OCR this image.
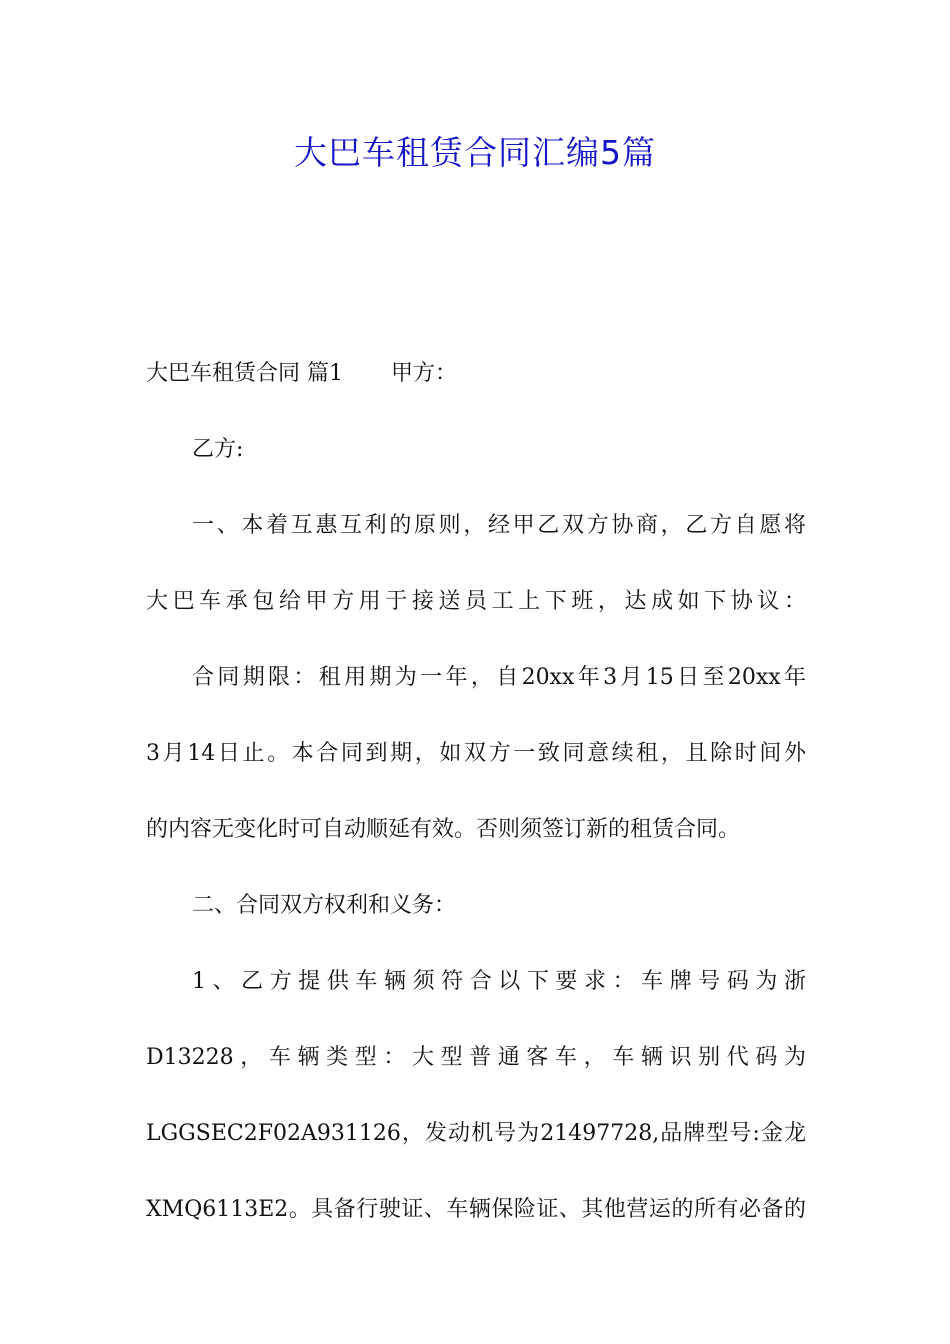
大巴车租赁合同汇编5篇
大巴车租赁合同 篇1 甲方：
乙方:
一、本着互惠互利的原则，经甲乙双方协商，乙方自愿将
大巴车承包给甲方用于接送员工上下班，达成如下协议：
合同期限：租用期为一年，自20xx年3月15日至20xx年
3月14日止。本合同到期，如双方一致同意续租，且除时间外
的内容无变化时可自动顺延有效。否则须签订新的租赁合同。
二、合同双方权利和义务：
1、乙方提供车辆须符合以下要求：车牌号码为浙
D13228，车辆类型：大型普通客车，车辆识别代码为
LGGSEC2F02A931126，发动机号为21497728,品牌型号:金龙
XMQ6113E2。具备行驶证、车辆保险证、其他营运的所有必备的
